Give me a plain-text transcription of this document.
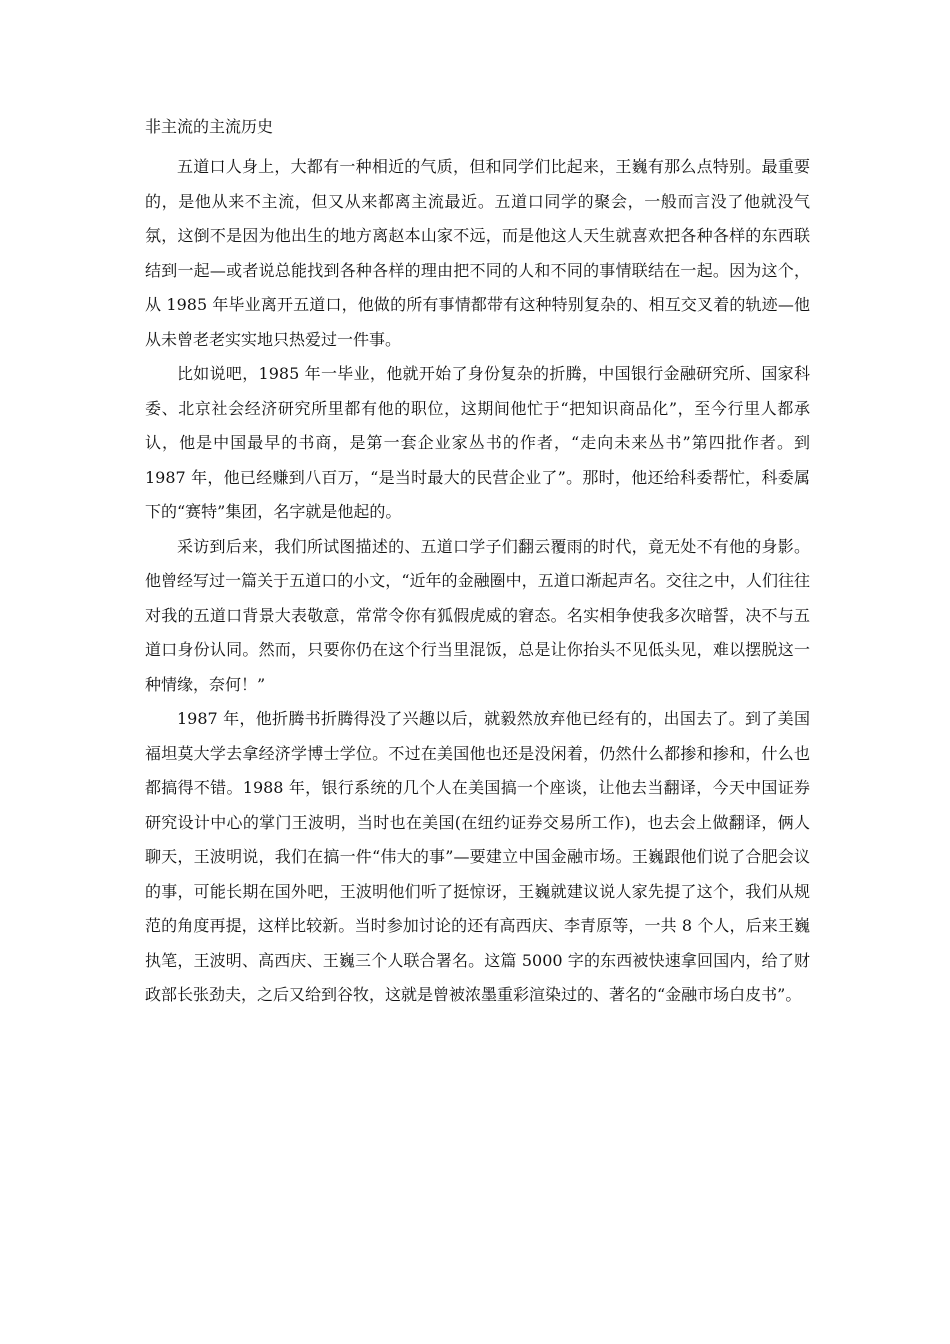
非主流的主流历史

五道口人身上，大都有一种相近的气质，但和同学们比起来，王巍有那么点特别。最重要的，是他从来不主流，但又从来都离主流最近。五道口同学的聚会，一般而言没了他就没气氛，这倒不是因为他出生的地方离赵本山家不远，而是他这人天生就喜欢把各种各样的东西联结到一起—或者说总能找到各种各样的理由把不同的人和不同的事情联结在一起。因为这个，从 1985 年毕业离开五道口，他做的所有事情都带有这种特别复杂的、相互交叉着的轨迹—他从未曾老老实实地只热爱过一件事。

比如说吧，1985 年一毕业，他就开始了身份复杂的折腾，中国银行金融研究所、国家科委、北京社会经济研究所里都有他的职位，这期间他忙于“把知识商品化”，至今行里人都承认，他是中国最早的书商，是第一套企业家丛书的作者，“走向未来丛书”第四批作者。到 1987 年，他已经赚到八百万，“是当时最大的民营企业了”。那时，他还给科委帮忙，科委属下的“赛特”集团，名字就是他起的。

采访到后来，我们所试图描述的、五道口学子们翻云覆雨的时代，竟无处不有他的身影。他曾经写过一篇关于五道口的小文，“近年的金融圈中，五道口渐起声名。交往之中，人们往往对我的五道口背景大表敬意，常常令你有狐假虎威的窘态。名实相争使我多次暗誓，决不与五道口身份认同。然而，只要你仍在这个行当里混饭，总是让你抬头不见低头见，难以摆脱这一种情缘，奈何！”

1987 年，他折腾书折腾得没了兴趣以后，就毅然放弃他已经有的，出国去了。到了美国福坦莫大学去拿经济学博士学位。不过在美国他也还是没闲着，仍然什么都掺和掺和，什么也都搞得不错。1988 年，银行系统的几个人在美国搞一个座谈，让他去当翻译，今天中国证券研究设计中心的掌门王波明，当时也在美国(在纽约证券交易所工作)，也去会上做翻译，俩人聊天，王波明说，我们在搞一件“伟大的事”—要建立中国金融市场。王巍跟他们说了合肥会议的事，可能长期在国外吧，王波明他们听了挺惊讶，王巍就建议说人家先提了这个，我们从规范的角度再提，这样比较新。当时参加讨论的还有高西庆、李青原等，一共 8 个人，后来王巍执笔，王波明、高西庆、王巍三个人联合署名。这篇 5000 字的东西被快速拿回国内，给了财政部长张劲夫，之后又给到谷牧，这就是曾被浓墨重彩渲染过的、著名的“金融市场白皮书”。
